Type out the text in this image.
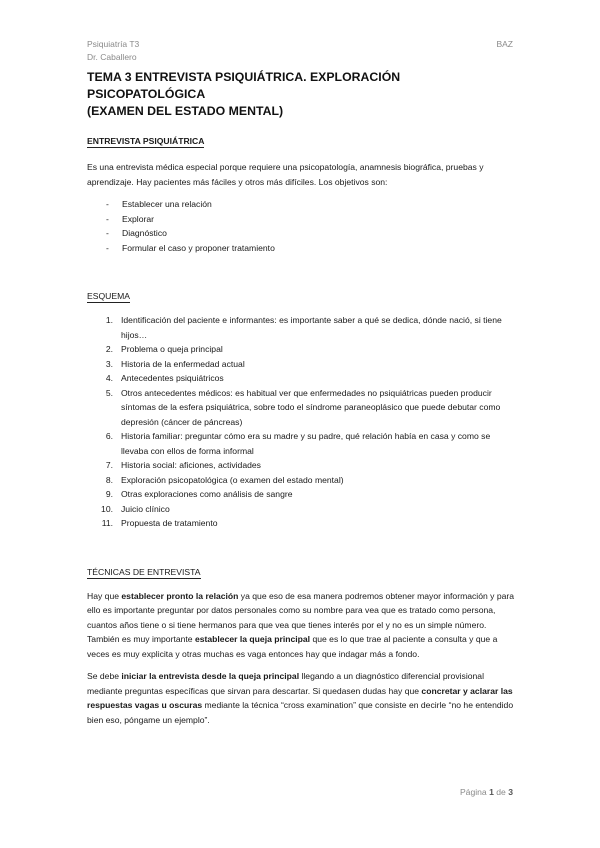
Psiquiatría T3
Dr. Caballero
BAZ
TEMA 3 ENTREVISTA PSIQUIÁTRICA. EXPLORACIÓN PSICOPATOLÓGICA
(EXAMEN DEL ESTADO MENTAL)
ENTREVISTA PSIQUIÁTRICA

Es una entrevista médica especial porque requiere una psicopatología, anamnesis biográfica, pruebas y aprendizaje. Hay pacientes más fáciles y otros más difíciles. Los objetivos son:

- Establecer una relación
- Explorar
- Diagnóstico
- Formular el caso y proponer tratamiento
ESQUEMA
1. Identificación del paciente e informantes: es importante saber a qué se dedica, dónde nació, si tiene hijos…
2. Problema o queja principal
3. Historia de la enfermedad actual
4. Antecedentes psiquiátricos
5. Otros antecedentes médicos: es habitual ver que enfermedades no psiquiátricas pueden producir síntomas de la esfera psiquiátrica, sobre todo el síndrome paraneoplásico que puede debutar como depresión (cáncer de páncreas)
6. Historia familiar: preguntar cómo era su madre y su padre, qué relación había en casa y como se llevaba con ellos de forma informal
7. Historia social: aficiones, actividades
8. Exploración psicopatológica (o examen del estado mental)
9. Otras exploraciones como análisis de sangre
10. Juicio clínico
11. Propuesta de tratamiento
TÉCNICAS DE ENTREVISTA

Hay que establecer pronto la relación ya que eso de esa manera podremos obtener mayor información y para ello es importante preguntar por datos personales como su nombre para vea que es tratado como persona, cuantos años tiene o si tiene hermanos para que vea que tienes interés por el y no es un simple número. También es muy importante establecer la queja principal que es lo que trae al paciente a consulta y que a veces es muy explicita y otras muchas es vaga entonces hay que indagar más a fondo.

Se debe iniciar la entrevista desde la queja principal llegando a un diagnóstico diferencial provisional mediante preguntas específicas que sirvan para descartar. Si quedasen dudas hay que concretar y aclarar las respuestas vagas u oscuras mediante la técnica “cross examination” que consiste en decirle “no he entendido bien eso, póngame un ejemplo”.

Página 1 de 3
